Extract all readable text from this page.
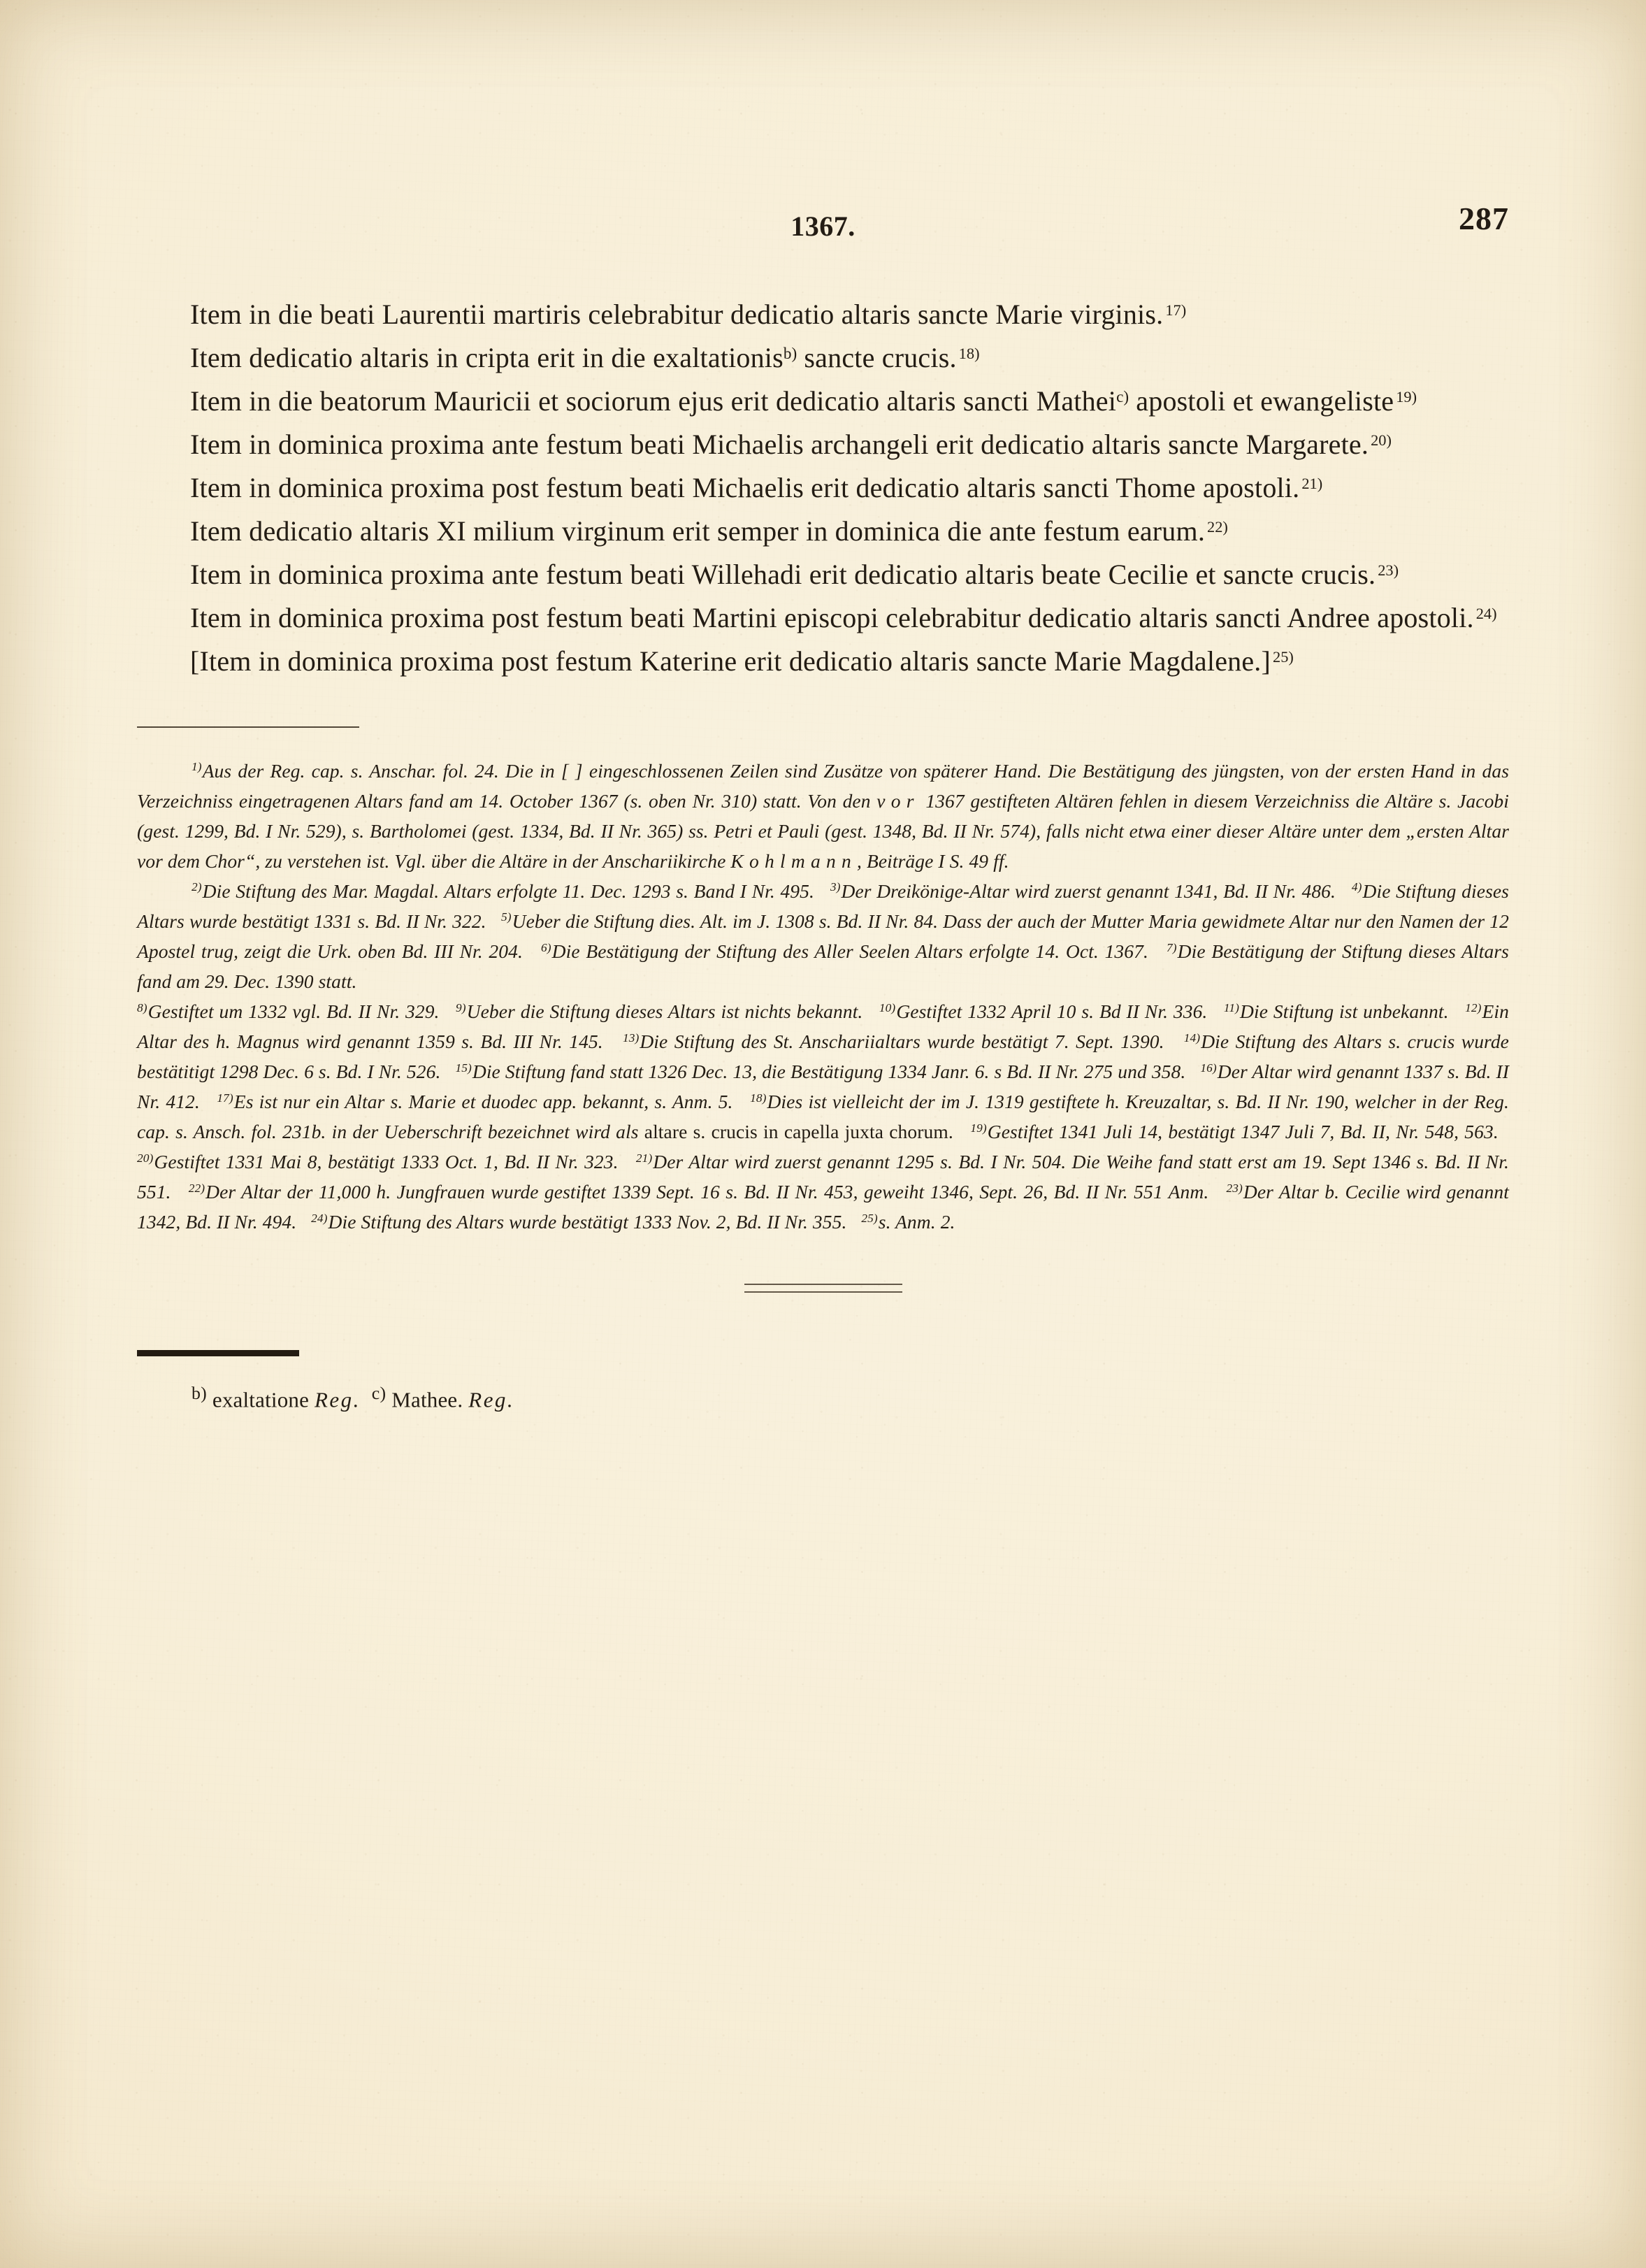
1367.	287

Item in die beati Laurentii martiris celebrabitur dedicatio altaris sancte Marie virginis. $^{17)}$

Item dedicatio altaris in cripta erit in die exaltationis$^{b)}$ sancte crucis. $^{18)}$

Item in die beatorum Mauricii et sociorum ejus erit dedicatio altaris sancti Mathei$^{c)}$ apostoli et ewangeliste $^{19)}$

Item in dominica proxima ante festum beati Michaelis archangeli erit dedicatio altaris sancte Margarete. $^{20)}$

Item in dominica proxima post festum beati Michaelis erit dedicatio altaris sancti Thome apostoli. $^{21)}$

Item dedicatio altaris XI milium virginum erit semper in dominica die ante festum earum. $^{22)}$

Item in dominica proxima ante festum beati Willehadi erit dedicatio altaris beate Cecilie et sancte crucis. $^{23)}$

Item in dominica proxima post festum beati Martini episcopi celebrabitur dedicatio altaris sancti Andree apostoli. $^{24)}$

[Item in dominica proxima post festum Katerine erit dedicatio altaris sancte Marie Magdalene.] $^{25)}$

$^{1)}$Aus der Reg. cap. s. Anschar. fol. 24. Die in [ ] eingeschlossenen Zeilen sind Zusätze von späterer Hand. Die Bestätigung des jüngsten, von der ersten Hand in das Verzeichniss eingetragenen Altars fand am 14. October 1367 (s. oben Nr. 310) statt. Von den vor 1367 gestifteten Altären fehlen in diesem Verzeichniss die Altäre s. Jacobi (gest. 1299, Bd. I Nr. 529), s. Bartholomei (gest. 1334, Bd. II Nr. 365) ss. Petri et Pauli (gest. 1348, Bd. II Nr. 574), falls nicht etwa einer dieser Altäre unter dem „ersten Altar vor dem Chor“, zu verstehen ist. Vgl. über die Altäre in der Anschariikirche Kohlmann, Beiträge I S. 49 ff.

$^{2)}$Die Stiftung des Mar. Magdal. Altars erfolgte 11. Dec. 1293 s. Band I Nr. 495. $^{3)}$Der Dreikönige-Altar wird zuerst genannt 1341, Bd. II Nr. 486. $^{4)}$Die Stiftung dieses Altars wurde bestätigt 1331 s. Bd. II Nr. 322. $^{5)}$Ueber die Stiftung dies. Alt. im J. 1308 s. Bd. II Nr. 84. Dass der auch der Mutter Maria gewidmete Altar nur den Namen der 12 Apostel trug, zeigt die Urk. oben Bd. III Nr. 204. $^{6)}$Die Bestätigung der Stiftung des Aller Seelen Altars erfolgte 14. Oct. 1367. $^{7)}$Die Bestätigung der Stiftung dieses Altars fand am 29. Dec. 1390 statt.

$^{8)}$Gestiftet um 1332 vgl. Bd. II Nr. 329. $^{9)}$Ueber die Stiftung dieses Altars ist nichts bekannt. $^{10)}$Gestiftet 1332 April 10 s. Bd II Nr. 336. $^{11)}$Die Stiftung ist unbekannt. $^{12)}$Ein Altar des h. Magnus wird genannt 1359 s. Bd. III Nr. 145. $^{13)}$Die Stiftung des St. Anschariialtars wurde bestätigt 7. Sept. 1390. $^{14)}$Die Stiftung des Altars s. crucis wurde bestätitigt 1298 Dec. 6 s. Bd. I Nr. 526. $^{15)}$Die Stiftung fand statt 1326 Dec. 13, die Bestätigung 1334 Janr. 6. s Bd. II Nr. 275 und 358. $^{16)}$Der Altar wird genannt 1337 s. Bd. II Nr. 412. $^{17)}$Es ist nur ein Altar s. Marie et duodec app. bekannt, s. Anm. 5. $^{18)}$Dies ist vielleicht der im J. 1319 gestiftete h. Kreuzaltar, s. Bd. II Nr. 190, welcher in der Reg. cap. s. Ansch. fol. 231b. in der Ueberschrift bezeichnet wird als altare s. crucis in capella juxta chorum. $^{19)}$Gestiftet 1341 Juli 14, bestätigt 1347 Juli 7, Bd. II, Nr. 548, 563.   $^{20)}$Gestiftet 1331 Mai 8, bestätigt 1333 Oct. 1, Bd. II Nr. 323. $^{21)}$Der Altar wird zuerst genannt 1295 s. Bd. I Nr. 504. Die Weihe fand statt erst am 19. Sept 1346 s. Bd. II Nr. 551. $^{22)}$Der Altar der 11,000 h. Jungfrauen wurde gestiftet 1339 Sept. 16 s. Bd. II Nr. 453, geweiht 1346, Sept. 26, Bd. II Nr. 551 Anm. $^{23)}$Der Altar b. Cecilie wird genannt 1342, Bd. II Nr. 494. $^{24)}$Die Stiftung des Altars wurde bestätigt 1333 Nov. 2, Bd. II Nr. 355. $^{25)}$s. Anm. 2.

$^{b)}$ exaltatione Reg. $^{c)}$ Mathee. Reg.
